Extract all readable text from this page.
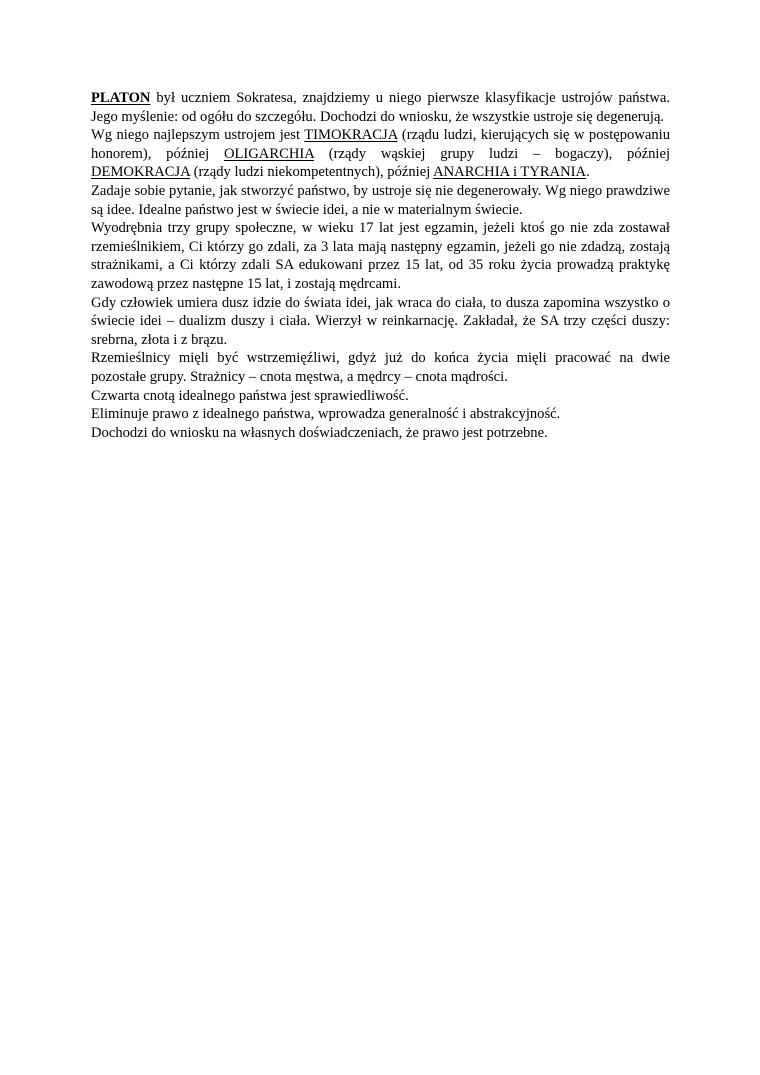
PLATON był uczniem Sokratesa, znajdziemy u niego pierwsze klasyfikacje ustrojów państwa. Jego myślenie: od ogółu do szczegółu. Dochodzi do wniosku, że wszystkie ustroje się degenerują.

Wg niego najlepszym ustrojem jest TIMOKRACJA (rządu ludzi, kierujących się w postępowaniu honorem), później OLIGARCHIA (rządy wąskiej grupy ludzi – bogaczy), później DEMOKRACJA (rządy ludzi niekompetentnych), później ANARCHIA i TYRANIA.

Zadaje sobie pytanie, jak stworzyć państwo, by ustroje się nie degenerowały. Wg niego prawdziwe są idee. Idealne państwo jest w świecie idei, a nie w materialnym świecie.

Wyodrębnia trzy grupy społeczne, w wieku 17 lat jest egzamin, jeżeli ktoś go nie zda zostawał rzemieślnikiem, Ci którzy go zdali, za 3 lata mają następny egzamin, jeżeli go nie zdadzą, zostają strażnikami, a Ci którzy zdali SA edukowani przez 15 lat, od 35 roku życia prowadzą praktykę zawodową przez następne 15 lat, i zostają mędrcami.

Gdy człowiek umiera dusz idzie do świata idei, jak wraca do ciała, to dusza zapomina wszystko o świecie idei – dualizm duszy i ciała. Wierzył w reinkarnację. Zakładał, że SA trzy części duszy: srebrna, złota i z brązu.

Rzemieślnicy mięli być wstrzemięźliwi, gdyż już do końca życia mięli pracować na dwie pozostałe grupy. Strażnicy – cnota męstwa, a mędrcy – cnota mądrości.

Czwarta cnotą idealnego państwa jest sprawiedliwość.

Eliminuje prawo z idealnego państwa, wprowadza generalność i abstrakcyjność.

Dochodzi do wniosku na własnych doświadczeniach, że prawo jest potrzebne.
